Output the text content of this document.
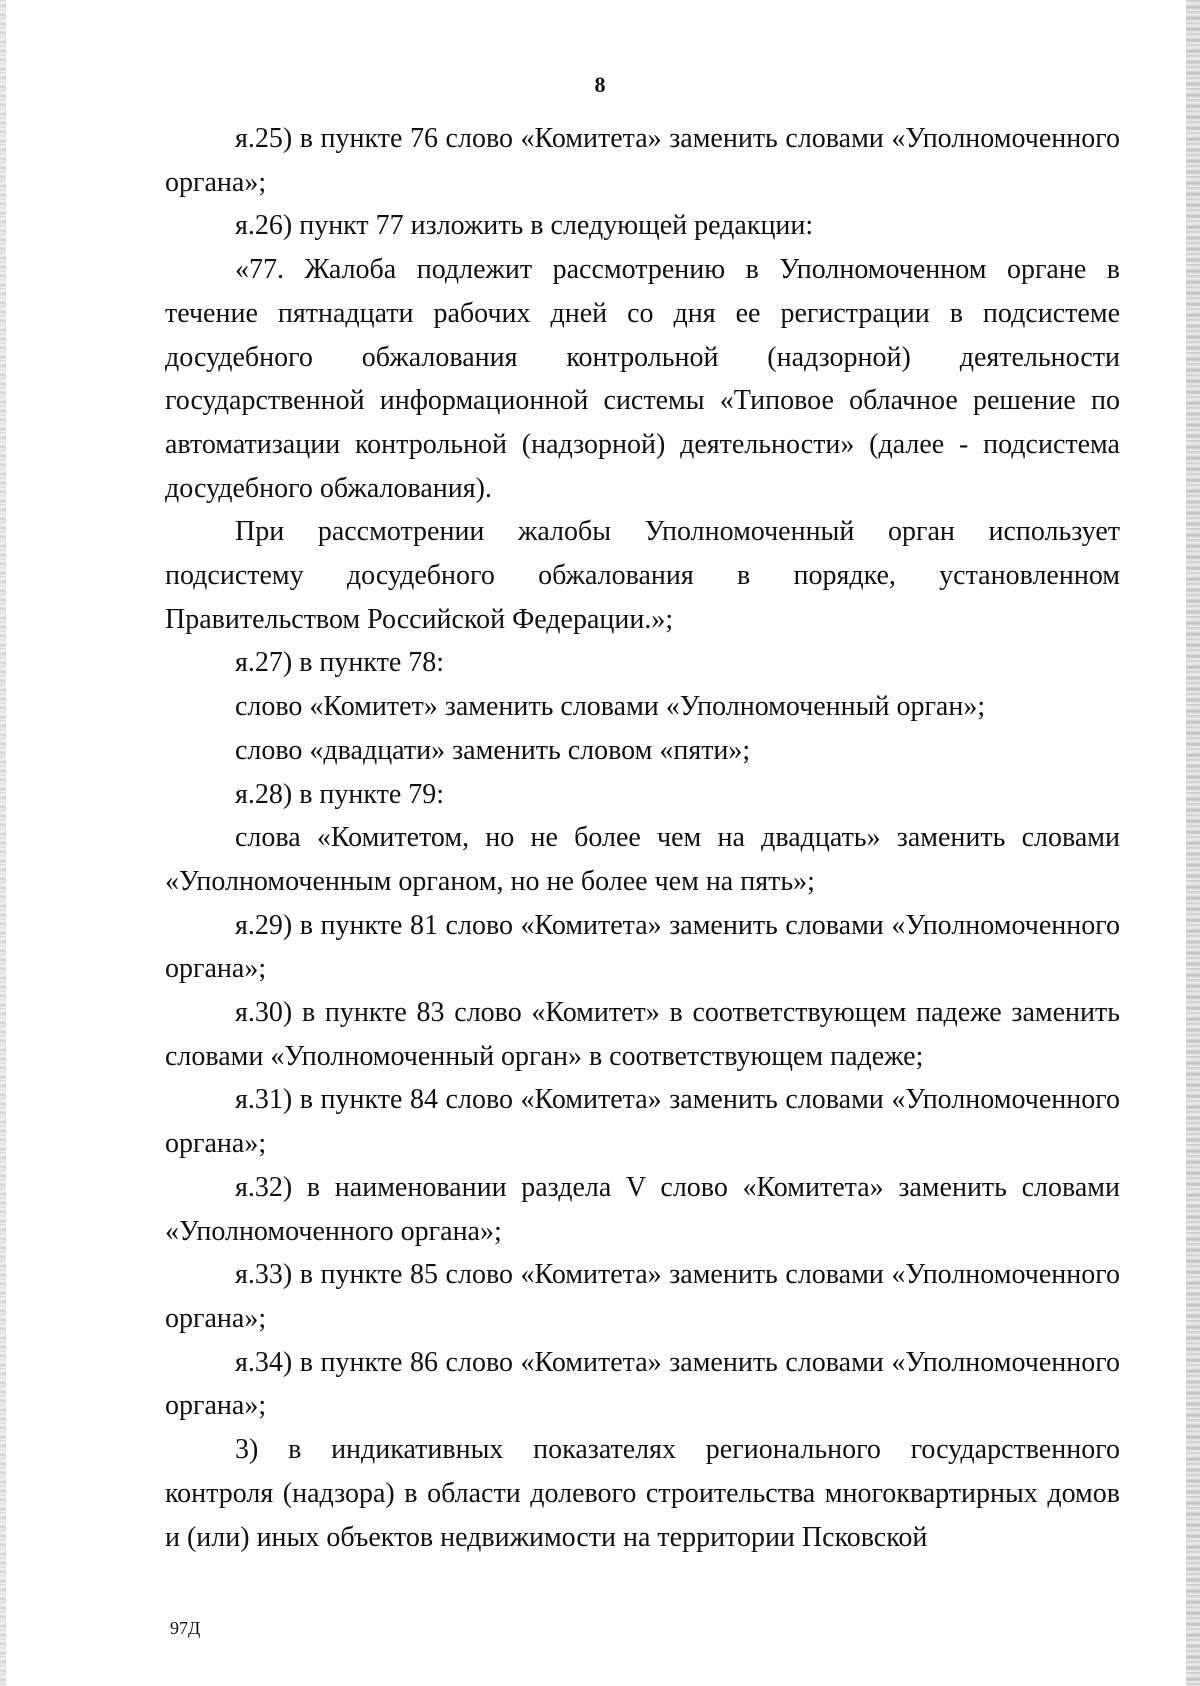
8

я.25) в пункте 76 слово «Комитета» заменить словами «Уполномоченного органа»;

я.26) пункт 77 изложить в следующей редакции:

«77. Жалоба подлежит рассмотрению в Уполномоченном органе в течение пятнадцати рабочих дней со дня ее регистрации в подсистеме досудебного обжалования контрольной (надзорной) деятельности государственной информационной системы «Типовое облачное решение по автоматизации контрольной (надзорной) деятельности» (далее - подсистема досудебного обжалования).

При рассмотрении жалобы Уполномоченный орган использует подсистему досудебного обжалования в порядке, установленном Правительством Российской Федерации.»;

я.27) в пункте 78:

слово «Комитет» заменить словами «Уполномоченный орган»;

слово «двадцати» заменить словом «пяти»;

я.28) в пункте 79:

слова «Комитетом, но не более чем на двадцать» заменить словами «Уполномоченным органом, но не более чем на пять»;

я.29) в пункте 81 слово «Комитета» заменить словами «Уполномоченного органа»;

я.30) в пункте 83 слово «Комитет» в соответствующем падеже заменить словами «Уполномоченный орган» в соответствующем падеже;

я.31) в пункте 84 слово «Комитета» заменить словами «Уполномоченного органа»;

я.32) в наименовании раздела V слово «Комитета» заменить словами «Уполномоченного органа»;

я.33) в пункте 85 слово «Комитета» заменить словами «Уполномоченного органа»;

я.34) в пункте 86 слово «Комитета» заменить словами «Уполномоченного органа»;

3) в индикативных показателях регионального государственного контроля (надзора) в области долевого строительства многоквартирных домов и (или) иных объектов недвижимости на территории Псковской

97Д
